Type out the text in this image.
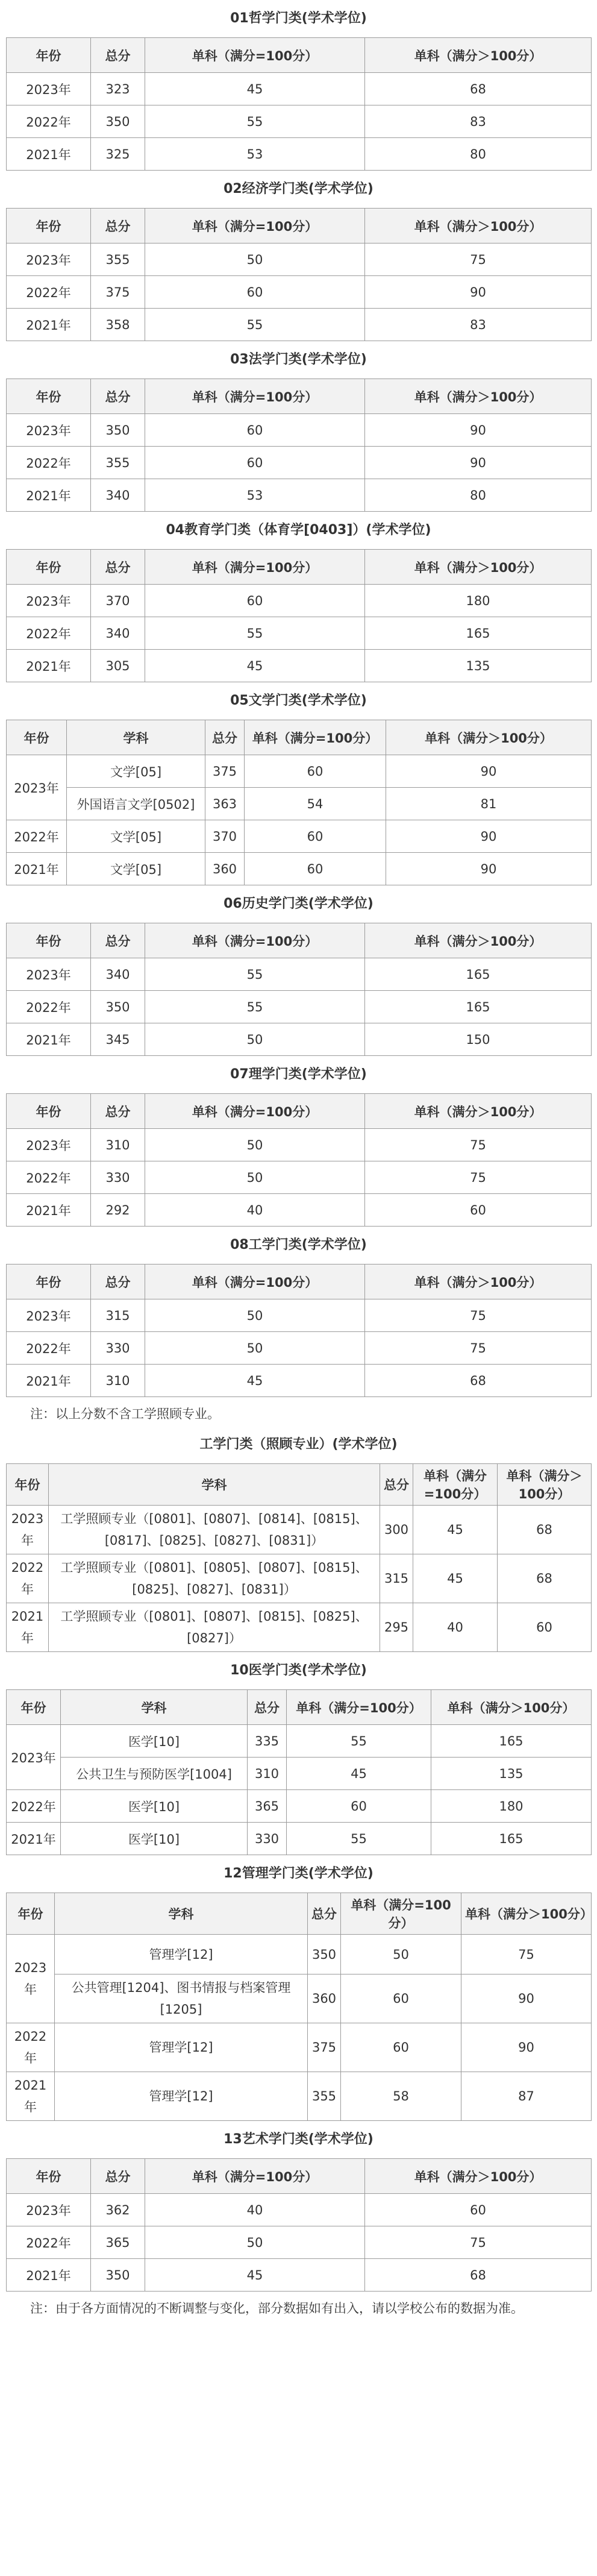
01哲学门类(学术学位)
年份	总分	单科（满分=100分）	单科（满分＞100分）
2023年	323	45	68
2022年	350	55	83
2021年	325	53	80
02经济学门类(学术学位)
年份	总分	单科（满分=100分）	单科（满分＞100分）
2023年	355	50	75
2022年	375	60	90
2021年	358	55	83
03法学门类(学术学位)
年份	总分	单科（满分=100分）	单科（满分＞100分）
2023年	350	60	90
2022年	355	60	90
2021年	340	53	80
04教育学门类（体育学[0403]）(学术学位)
年份	总分	单科（满分=100分）	单科（满分＞100分）
2023年	370	60	180
2022年	340	55	165
2021年	305	45	135
05文学门类(学术学位)
年份	学科	总分	单科（满分=100分）	单科（满分＞100分）
2023年	文学[05]	375	60	90
	外国语言文学[0502]	363	54	81
2022年	文学[05]	370	60	90
2021年	文学[05]	360	60	90
06历史学门类(学术学位)
年份	总分	单科（满分=100分）	单科（满分＞100分）
2023年	340	55	165
2022年	350	55	165
2021年	345	50	150
07理学门类(学术学位)
年份	总分	单科（满分=100分）	单科（满分＞100分）
2023年	310	50	75
2022年	330	50	75
2021年	292	40	60
08工学门类(学术学位)
年份	总分	单科（满分=100分）	单科（满分＞100分）
2023年	315	50	75
2022年	330	50	75
2021年	310	45	68
注：以上分数不含工学照顾专业。
工学门类（照顾专业）(学术学位)
年份	学科	总分	单科（满分=100分）	单科（满分＞100分）
2023年	工学照顾专业（[0801]、[0807]、[0814]、[0815]、[0817]、[0825]、[0827]、[0831]）	300	45	68
2022年	工学照顾专业（[0801]、[0805]、[0807]、[0815]、[0825]、[0827]、[0831]）	315	45	68
2021年	工学照顾专业（[0801]、[0807]、[0815]、[0825]、[0827]）	295	40	60
10医学门类(学术学位)
年份	学科	总分	单科（满分=100分）	单科（满分＞100分）
2023年	医学[10]	335	55	165
	公共卫生与预防医学[1004]	310	45	135
2022年	医学[10]	365	60	180
2021年	医学[10]	330	55	165
12管理学门类(学术学位)
年份	学科	总分	单科（满分=100分）	单科（满分＞100分）
2023年	管理学[12]	350	50	75
	公共管理[1204]、图书情报与档案管理[1205]	360	60	90
2022年	管理学[12]	375	60	90
2021年	管理学[12]	355	58	87
13艺术学门类(学术学位)
年份	总分	单科（满分=100分）	单科（满分＞100分）
2023年	362	40	60
2022年	365	50	75
2021年	350	45	68
注：由于各方面情况的不断调整与变化，部分数据如有出入，请以学校公布的数据为准。
